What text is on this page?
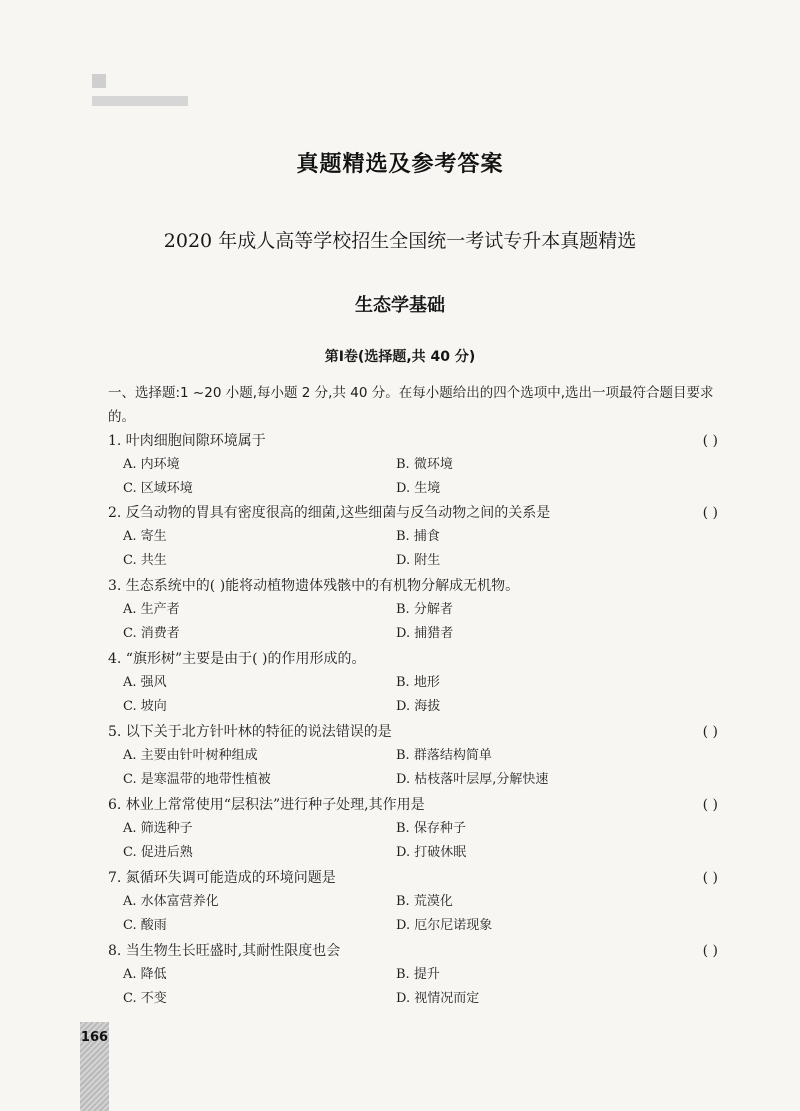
真题精选及参考答案
2020 年成人高等学校招生全国统一考试专升本真题精选
生态学基础
第Ⅰ卷(选择题,共 40 分)
一、选择题:1 ~20 小题,每小题 2 分,共 40 分。在每小题给出的四个选项中,选出一项最符合题目要求的。
1. 叶肉细胞间隙环境属于	( )
A. 内环境	B. 微环境
C. 区域环境	D. 生境
2. 反刍动物的胃具有密度很高的细菌,这些细菌与反刍动物之间的关系是	( )
A. 寄生	B. 捕食
C. 共生	D. 附生
3. 生态系统中的( )能将动植物遗体残骸中的有机物分解成无机物。
A. 生产者	B. 分解者
C. 消费者	D. 捕猎者
4. “旗形树”主要是由于( )的作用形成的。
A. 强风	B. 地形
C. 坡向	D. 海拔
5. 以下关于北方针叶林的特征的说法错误的是	( )
A. 主要由针叶树种组成	B. 群落结构简单
C. 是寒温带的地带性植被	D. 枯枝落叶层厚,分解快速
6. 林业上常常使用“层积法”进行种子处理,其作用是	( )
A. 筛选种子	B. 保存种子
C. 促进后熟	D. 打破休眠
7. 氮循环失调可能造成的环境问题是	( )
A. 水体富营养化	B. 荒漠化
C. 酸雨	D. 厄尔尼诺现象
8. 当生物生长旺盛时,其耐性限度也会	( )
A. 降低	B. 提升
C. 不变	D. 视情况而定
166
